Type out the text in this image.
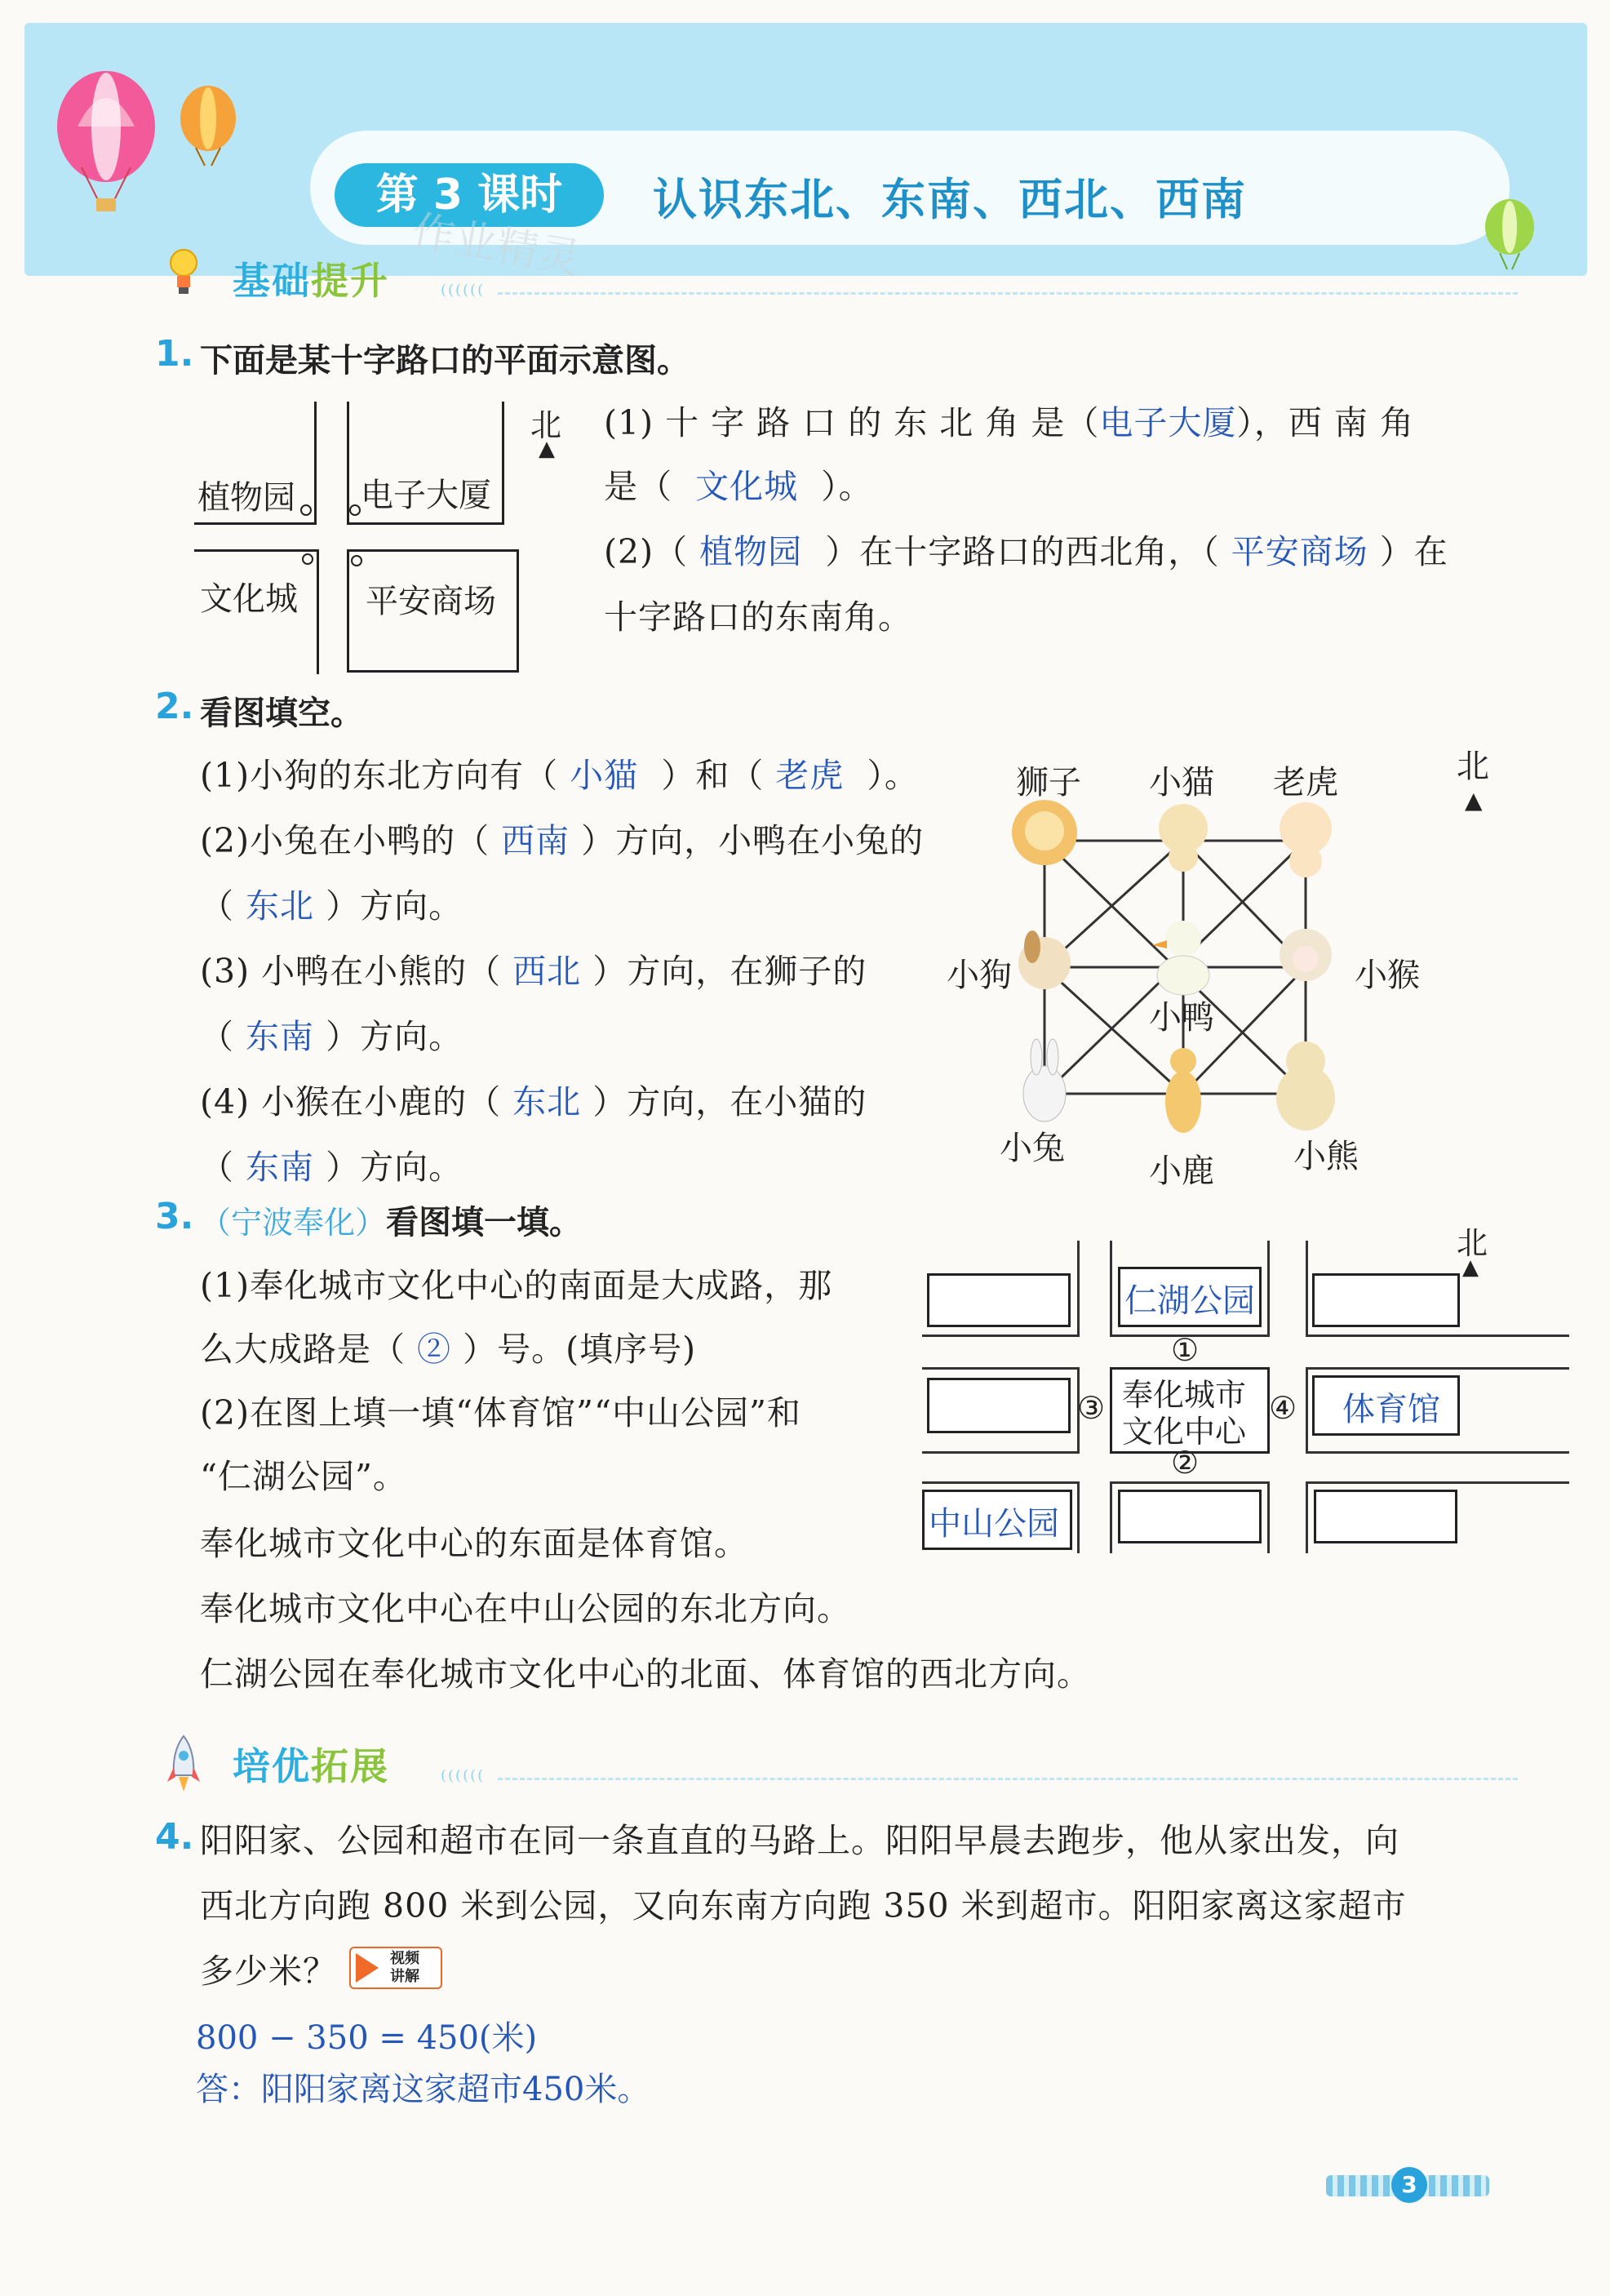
第 3 课时	认识东北、东南、西北、西南
作业精灵
基础提升	((((((
1. 下面是某十字路口的平面示意图。
植物园 电子大厦
文化城 平安商场
北
▲
(1) 十 字 路 口 的 东 北 角 是（电子大厦），西 南 角
是（ 文化城 ）。
(2)（ 植物园 ）在十字路口的西北角，（ 平安商场 ）在
十字路口的东南角。
2. 看图填空。
(1)小狗的东北方向有（ 小猫 ）和（ 老虎 ）。
(2)小兔在小鸭的（ 西南 ）方向，小鸭在小兔的
（ 东北 ）方向。
(3) 小鸭在小熊的（ 西北 ）方向，在狮子的
（ 东南 ）方向。
(4) 小猴在小鹿的（ 东北 ）方向，在小猫的
（ 东南 ）方向。
狮子 小猫 老虎
小狗
小鸭
小猴
小兔
小鹿 小熊
北
▲
3. （宁波奉化）看图填一填。
(1)奉化城市文化中心的南面是大成路，那
么大成路是（ ② ）号。(填序号)
(2)在图上填一填“体育馆”“中山公园”和
“仁湖公园”。
奉化城市文化中心的东面是体育馆。
奉化城市文化中心在中山公园的东北方向。
仁湖公园在奉化城市文化中心的北面、体育馆的西北方向。
仁湖公园
奉化城市
文化中心
体育馆
中山公园
①
②
③	④
北
▲
培优拓展	((((((
4. 阳阳家、公园和超市在同一条直直的马路上。阳阳早晨去跑步，他从家出发，向
西北方向跑 800 米到公园，又向东南方向跑 350 米到超市。阳阳家离这家超市
多少米？	视频
讲解
800 − 350 = 450(米)
答：阳阳家离这家超市450米。
3
